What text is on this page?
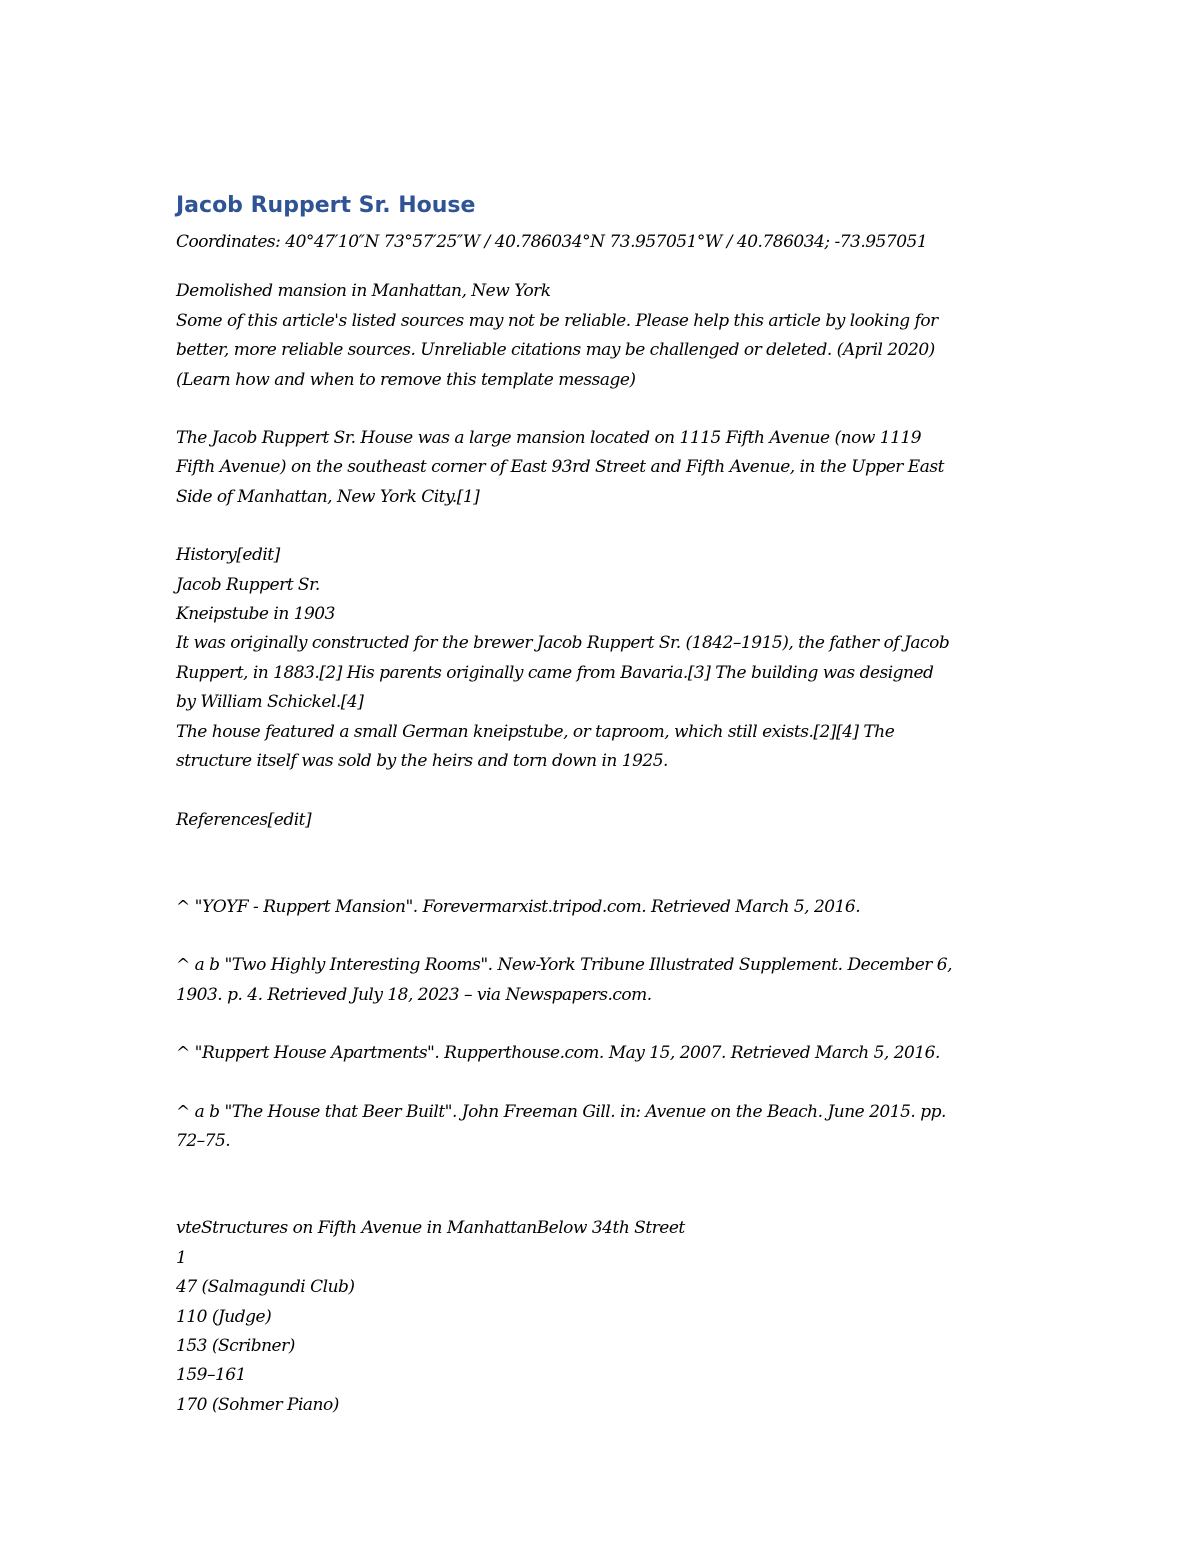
Jacob Ruppert Sr. House

Coordinates: 40°47′10″N 73°57′25″W / 40.786034°N 73.957051°W / 40.786034; -73.957051

Demolished mansion in Manhattan, New York

Some of this article's listed sources may not be reliable. Please help this article by looking for

better, more reliable sources. Unreliable citations may be challenged or deleted. (April 2020)

(Learn how and when to remove this template message)

The Jacob Ruppert Sr. House was a large mansion located on 1115 Fifth Avenue (now 1119

Fifth Avenue) on the southeast corner of East 93rd Street and Fifth Avenue, in the Upper East

Side of Manhattan, New York City.[1]

History[edit]

Jacob Ruppert Sr.

Kneipstube in 1903

It was originally constructed for the brewer Jacob Ruppert Sr. (1842–1915), the father of Jacob

Ruppert, in 1883.[2] His parents originally came from Bavaria.[3] The building was designed

by William Schickel.[4]

The house featured a small German kneipstube, or taproom, which still exists.[2][4] The

structure itself was sold by the heirs and torn down in 1925.

References[edit]

^ "YOYF - Ruppert Mansion". Forevermarxist.tripod.com. Retrieved March 5, 2016.

^ a b "Two Highly Interesting Rooms". New-York Tribune Illustrated Supplement. December 6,

1903. p. 4. Retrieved July 18, 2023 – via Newspapers.com.

^ "Ruppert House Apartments". Rupperthouse.com. May 15, 2007. Retrieved March 5, 2016.

^ a b "The House that Beer Built". John Freeman Gill. in: Avenue on the Beach. June 2015. pp.

72–75.

vteStructures on Fifth Avenue in ManhattanBelow 34th Street

1

47 (Salmagundi Club)

110 (Judge)

153 (Scribner)

159–161

170 (Sohmer Piano)
